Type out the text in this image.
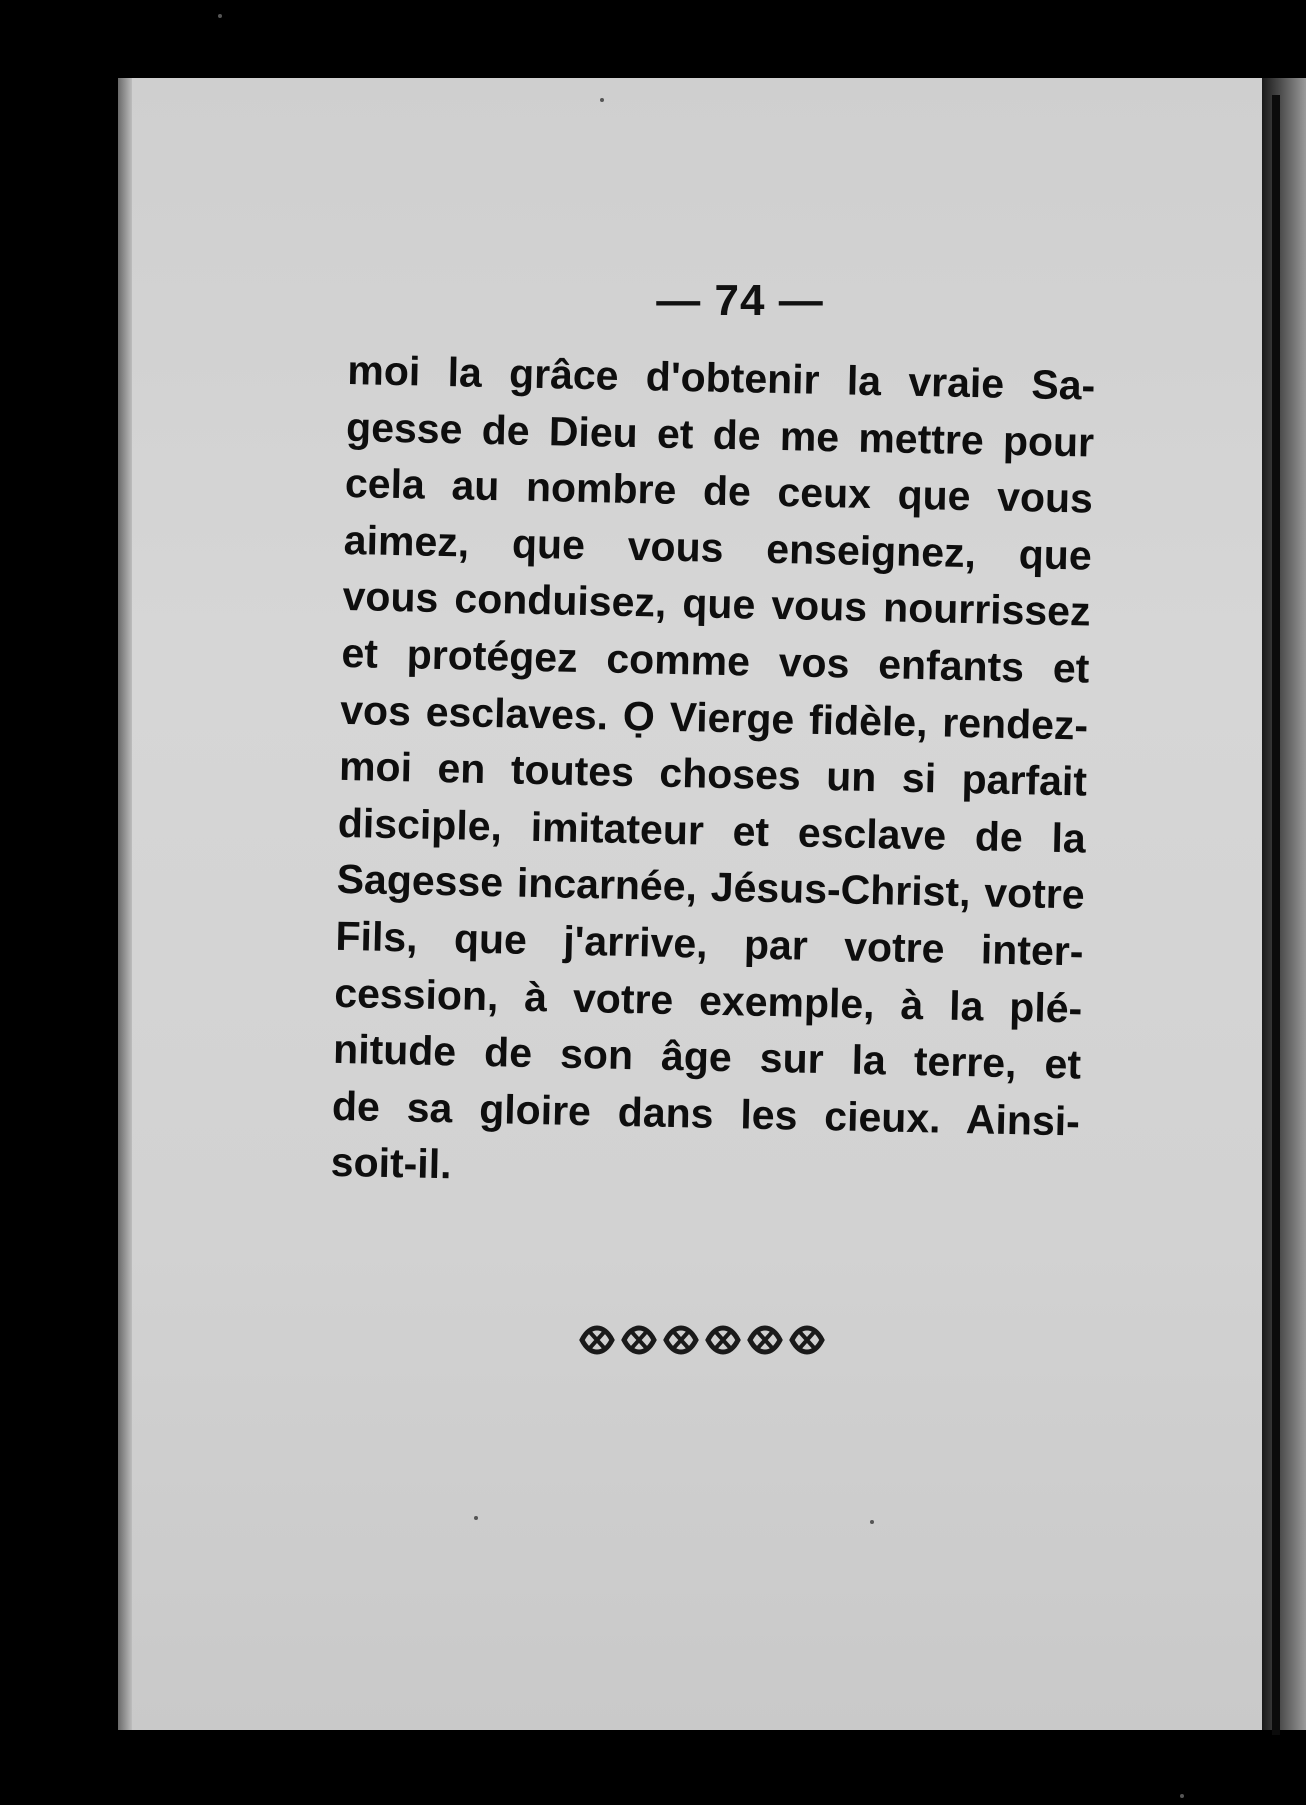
— 74 —
moi la grâce d'obtenir la vraie Sa-
gesse de Dieu et de me mettre pour
cela au nombre de ceux que vous
aimez, que vous enseignez, que
vous conduisez, que vous nourrissez
et protégez comme vos enfants et
vos esclaves. Ọ Vierge fidèle, rendez-
moi en toutes choses un si parfait
disciple, imitateur et esclave de la
Sagesse incarnée, Jésus-Christ, votre
Fils, que j'arrive, par votre inter-
cession, à votre exemple, à la plé-
nitude de son âge sur la terre, et
de sa gloire dans les cieux. Ainsi-
soit-il.
